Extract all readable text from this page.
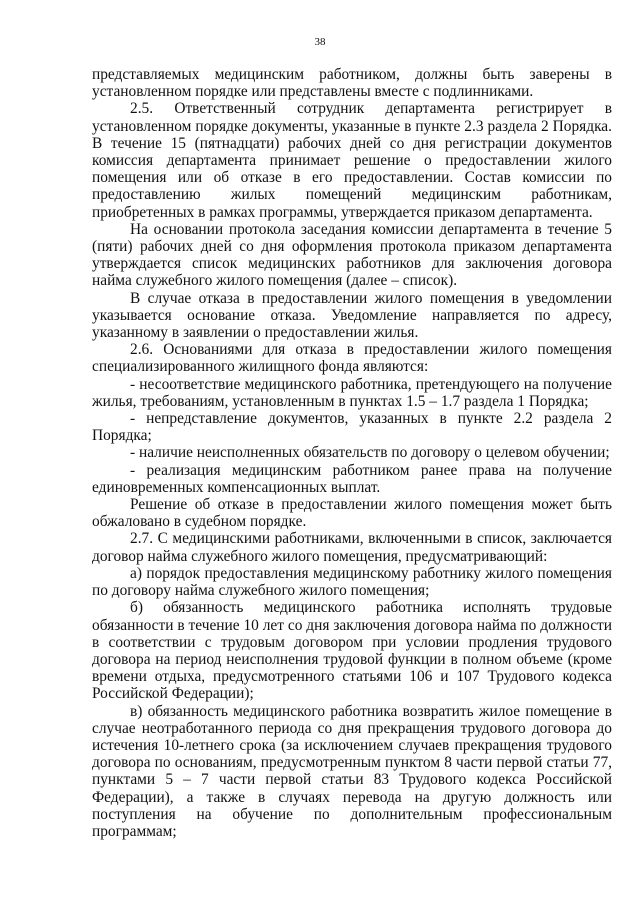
38

представляемых медицинским работником, должны быть заверены в установленном порядке или представлены вместе с подлинниками.

2.5. Ответственный сотрудник департамента регистрирует в установленном порядке документы, указанные в пункте 2.3 раздела 2 Порядка. В течение 15 (пятнадцати) рабочих дней со дня регистрации документов комиссия департамента принимает решение о предоставлении жилого помещения или об отказе в его предоставлении. Состав комиссии по предоставлению жилых помещений медицинским работникам, приобретенных в рамках программы, утверждается приказом департамента.

На основании протокола заседания комиссии департамента в течение 5 (пяти) рабочих дней со дня оформления протокола приказом департамента утверждается список медицинских работников для заключения договора найма служебного жилого помещения (далее – список).

В случае отказа в предоставлении жилого помещения в уведомлении указывается основание отказа. Уведомление направляется по адресу, указанному в заявлении о предоставлении жилья.

2.6. Основаниями для отказа в предоставлении жилого помещения специализированного жилищного фонда являются:

- несоответствие медицинского работника, претендующего на получение жилья, требованиям, установленным в пунктах 1.5 – 1.7 раздела 1 Порядка;

- непредставление документов, указанных в пункте 2.2 раздела 2 Порядка;

- наличие неисполненных обязательств по договору о целевом обучении;

- реализация медицинским работником ранее права на получение единовременных компенсационных выплат.

Решение об отказе в предоставлении жилого помещения может быть обжаловано в судебном порядке.

2.7. С медицинскими работниками, включенными в список, заключается договор найма служебного жилого помещения, предусматривающий:

а) порядок предоставления медицинскому работнику жилого помещения по договору найма служебного жилого помещения;

б) обязанность медицинского работника исполнять трудовые обязанности в течение 10 лет со дня заключения договора найма по должности в соответствии с трудовым договором при условии продления трудового договора на период неисполнения трудовой функции в полном объеме (кроме времени отдыха, предусмотренного статьями 106 и 107 Трудового кодекса Российской Федерации);

в) обязанность медицинского работника возвратить жилое помещение в случае неотработанного периода со дня прекращения трудового договора до истечения 10-летнего срока (за исключением случаев прекращения трудового договора по основаниям, предусмотренным пунктом 8 части первой статьи 77, пунктами 5 – 7 части первой статьи 83 Трудового кодекса Российской Федерации), а также в случаях перевода на другую должность или поступления на обучение по дополнительным профессиональным программам;
